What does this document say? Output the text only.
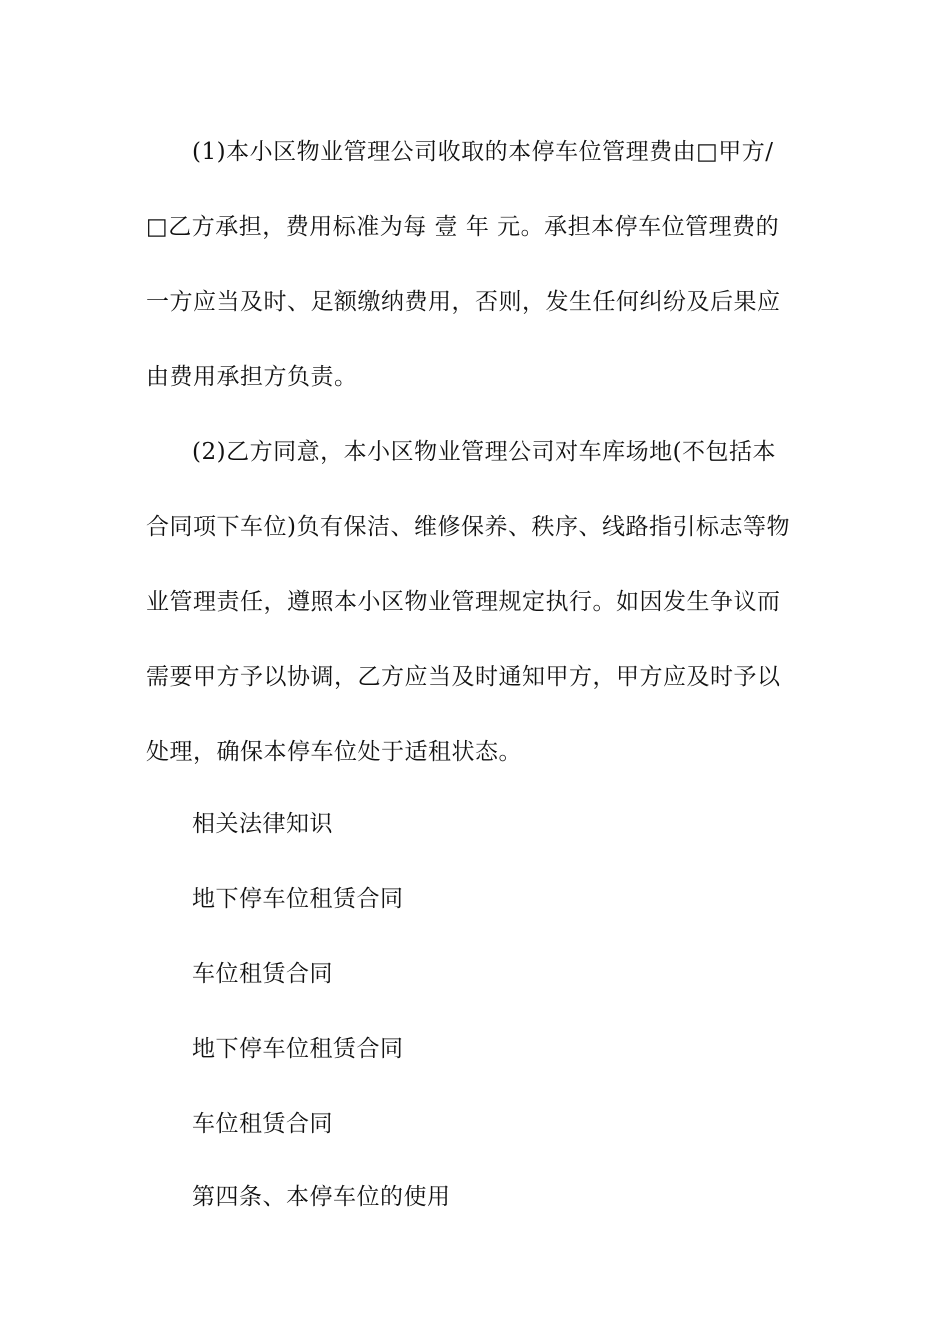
(1)本小区物业管理公司收取的本停车位管理费由□甲方/
□乙方承担，费用标准为每 壹 年 元。承担本停车位管理费的
一方应当及时、足额缴纳费用，否则，发生任何纠纷及后果应
由费用承担方负责。
(2)乙方同意，本小区物业管理公司对车库场地(不包括本
合同项下车位)负有保洁、维修保养、秩序、线路指引标志等物
业管理责任，遵照本小区物业管理规定执行。如因发生争议而
需要甲方予以协调，乙方应当及时通知甲方，甲方应及时予以
处理，确保本停车位处于适租状态。
相关法律知识
地下停车位租赁合同
车位租赁合同
地下停车位租赁合同
车位租赁合同
第四条、本停车位的使用
